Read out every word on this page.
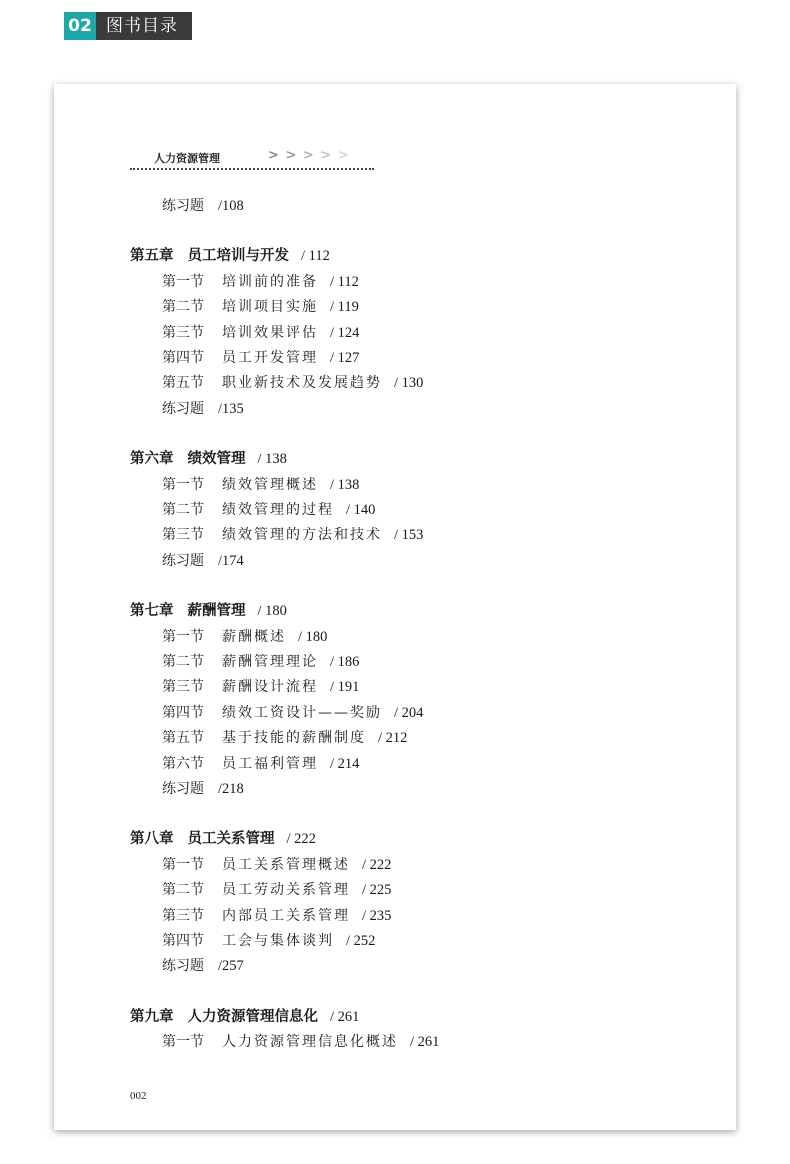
02 图书目录
人力资源管理	> > > > >
练习题 /108
第五章 员工培训与开发 / 112
第一节 培训前的准备 / 112
第二节 培训项目实施 / 119
第三节 培训效果评估 / 124
第四节 员工开发管理 / 127
第五节 职业新技术及发展趋势 / 130
练习题 /135
第六章 绩效管理 / 138
第一节 绩效管理概述 / 138
第二节 绩效管理的过程 / 140
第三节 绩效管理的方法和技术 / 153
练习题 /174
第七章 薪酬管理 / 180
第一节 薪酬概述 / 180
第二节 薪酬管理理论 / 186
第三节 薪酬设计流程 / 191
第四节 绩效工资设计——奖励 / 204
第五节 基于技能的薪酬制度 / 212
第六节 员工福利管理 / 214
练习题 /218
第八章 员工关系管理 / 222
第一节 员工关系管理概述 / 222
第二节 员工劳动关系管理 / 225
第三节 内部员工关系管理 / 235
第四节 工会与集体谈判 / 252
练习题 /257
第九章 人力资源管理信息化 / 261
第一节 人力资源管理信息化概述 / 261
002
